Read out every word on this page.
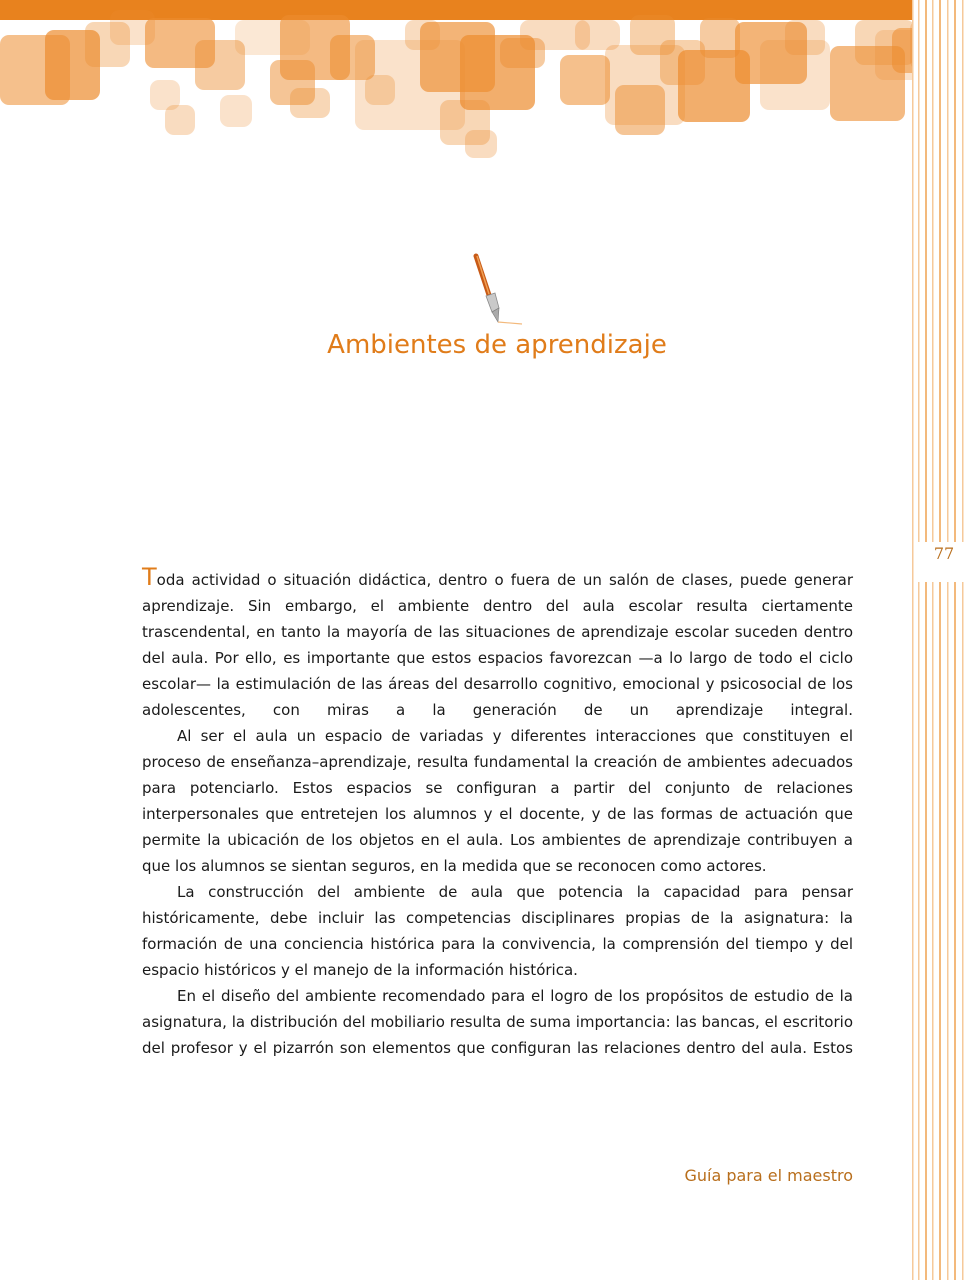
77
Ambientes de aprendizaje

Toda actividad o situación didáctica, dentro o fuera de un salón de clases, puede generar aprendizaje. Sin embargo, el ambiente dentro del aula escolar resulta ciertamente trascendental, en tanto la mayoría de las situaciones de aprendizaje escolar suceden dentro del aula. Por ello, es importante que estos espacios favorezcan —a lo largo de todo el ciclo escolar— la estimulación de las áreas del desarrollo cognitivo, emocional y psicosocial de los adolescentes, con miras a la generación de un aprendizaje integral.

Al ser el aula un espacio de variadas y diferentes interacciones que constituyen el proceso de enseñanza–aprendizaje, resulta fundamental la creación de ambientes adecuados para potenciarlo. Estos espacios se configuran a partir del conjunto de relaciones interpersonales que entretejen los alumnos y el docente, y de las formas de actuación que permite la ubicación de los objetos en el aula. Los ambientes de aprendizaje contribuyen a que los alumnos se sientan seguros, en la medida que se reconocen como actores.

La construcción del ambiente de aula que potencia la capacidad para pensar históricamente, debe incluir las competencias disciplinares propias de la asignatura: la formación de una conciencia histórica para la convivencia, la comprensión del tiempo y del espacio históricos y el manejo de la información histórica.

En el diseño del ambiente recomendado para el logro de los propósitos de estudio de la asignatura, la distribución del mobiliario resulta de suma importancia: las bancas, el escritorio del profesor y el pizarrón son elementos que configuran las relaciones dentro del aula. Estos

Guía para el maestro
